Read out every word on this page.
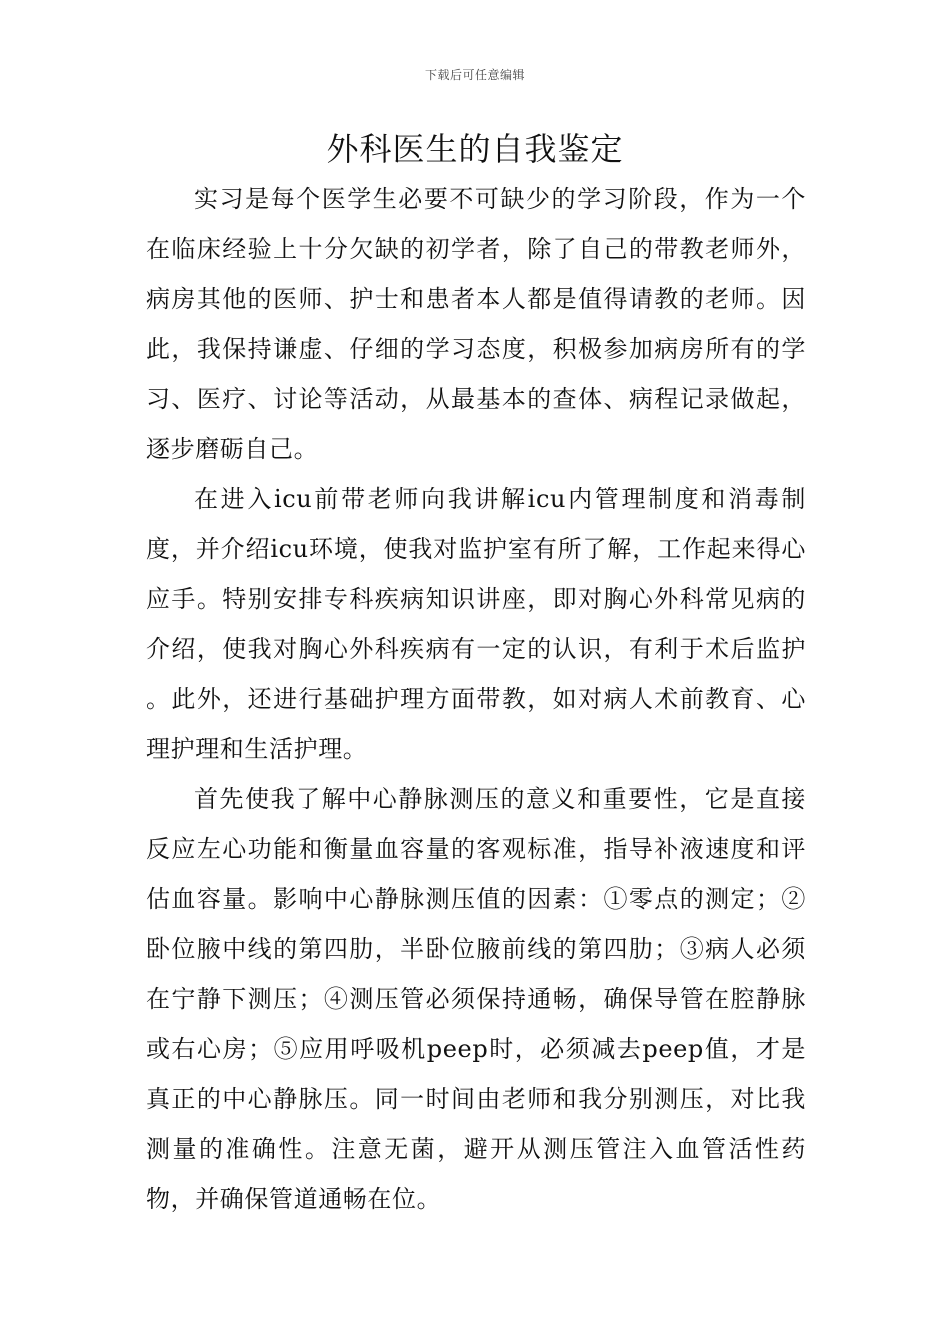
下载后可任意编辑
外科医生的自我鉴定

实习是每个医学生必要不可缺少的学习阶段，作为一个在临床经验上十分欠缺的初学者，除了自己的带教老师外，病房其他的医师、护士和患者本人都是值得请教的老师。因此，我保持谦虚、仔细的学习态度，积极参加病房所有的学习、医疗、讨论等活动，从最基本的查体、病程记录做起，逐步磨砺自己。

在进入icu前带老师向我讲解icu内管理制度和消毒制度，并介绍icu环境，使我对监护室有所了解，工作起来得心应手。特别安排专科疾病知识讲座，即对胸心外科常见病的介绍，使我对胸心外科疾病有一定的认识，有利于术后监护 。此外，还进行基础护理方面带教，如对病人术前教育、心理护理和生活护理。

首先使我了解中心静脉测压的意义和重要性，它是直接反应左心功能和衡量血容量的客观标准，指导补液速度和评估血容量。影响中心静脉测压值的因素：①零点的测定；②卧位腋中线的第四肋，半卧位腋前线的第四肋；③病人必须在宁静下测压；④测压管必须保持通畅，确保导管在腔静脉或右心房；⑤应用呼吸机peep时，必须减去peep值，才是真正的中心静脉压。同一时间由老师和我分别测压，对比我测量的准确性。注意无菌，避开从测压管注入血管活性药物，并确保管道通畅在位。
